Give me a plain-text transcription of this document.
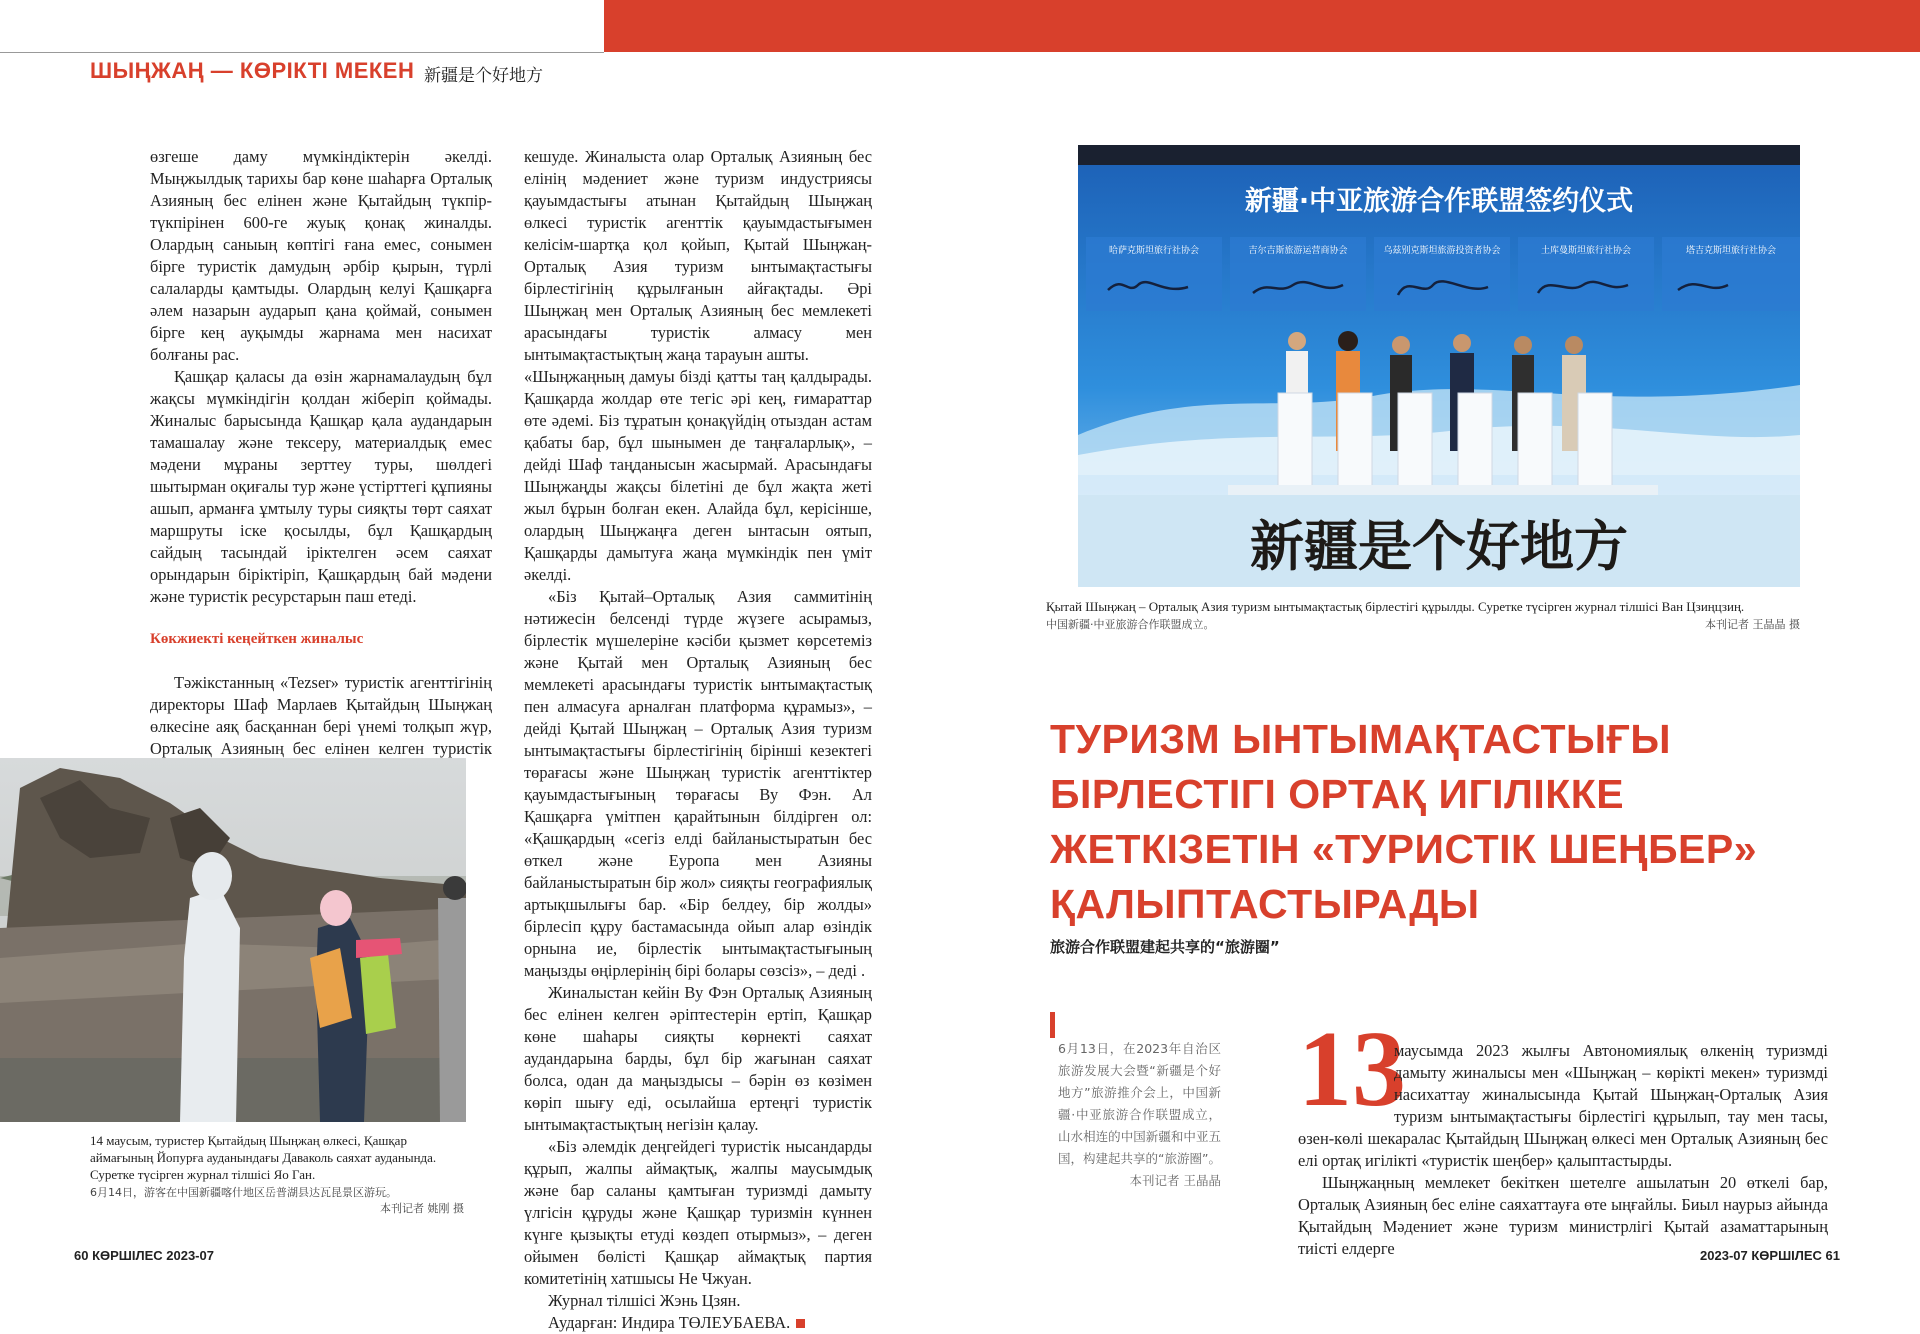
ШЫҢЖАҢ — КӨРІКТІ МЕКЕН 新疆是个好地方

өзгеше даму мүмкіндіктерін әкелді. Мыңжылдық тарихы бар көне шаһарға Орталық Азияның бес елінен және Қытайдың түкпір-түкпірінен 600-ге жуық қонақ жиналды. Олардың саныың көптігі ғана емес, сонымен бірге туристік дамудың әрбір қырын, түрлі салаларды қамтыды. Олардың келуі Қашқарға әлем назарын аударып қана қоймай, сонымен бірге кең ауқымды жарнама мен насихат болғаны рас.

Қашқар қаласы да өзін жарнамалаудың бұл жақсы мүмкіндігін қолдан жіберіп қоймады. Жиналыс барысында Қашқар қала аудандарын тамашалау және тексеру, материалдық емес мәдени мұраны зерттеу туры, шөлдегі шытырман оқиғалы тур және үстірттегі құпияны ашып, арманға ұмтылу туры сияқты төрт саяхат маршруты іске қосылды, бұл Қашқардың сайдың тасындай іріктелген әсем саяхат орындарын біріктіріп, Қашқардың бай мәдени және туристік ресурстарын паш етеді.

Көкжиекті кеңейткен жиналыс

Тәжікстанның «Tezser» туристік агенттігінің директоры Шаф Марлаев Қытайдың Шыңжаң өлкесіне аяқ басқаннан бері үнемі толқып жүр, Орталық Азияның бес елінен келген туристік

кешуде. Жиналыста олар Орталық Азияның бес елінің мәдениет және туризм индустриясы қауымдастығы атынан Қытайдың Шыңжаң өлкесі туристік агенттік қауымдастығымен келісім-шартқа қол қойып, Қытай Шыңжаң-Орталық Азия туризм ынтымақтастығы бірлестігінің құрылғанын айғақтады. Әрі Шыңжаң мен Орталық Азияның бес мемлекеті арасындағы туристік алмасу мен ынтымақтастықтың жаңа тарауын ашты.

«Шыңжаңның дамуы бізді қатты таң қалдырады. Қашқарда жолдар өте тегіс әрі кең, ғимараттар өте әдемі. Біз тұратын қонақүйдің отыздан астам қабаты бар, бұл шынымен де таңғаларлық», – дейді Шаф таңданысын жасырмай. Арасындағы Шыңжаңды жақсы білетіні де бұл жақта жеті жыл бұрын болған екен. Алайда бұл, керісінше, олардың Шыңжаңға деген ынтасын оятып, Қашқарды дамытуға жаңа мүмкіндік пен үміт әкелді.

«Біз Қытай–Орталық Азия саммитінің нәтижесін белсенді түрде жүзеге асырамыз, бірлестік мүшелеріне кәсіби қызмет көрсетеміз және Қытай мен Орталық Азияның бес мемлекеті арасындағы туристік ынтымақтастық пен алмасуға арналған платформа құрамыз», – дейді Қытай Шыңжаң – Орталық Азия туризм ынтымақтастығы бірлестігінің бірінші кезектегі төрағасы және Шыңжаң туристік агенттіктер қауымдастығының төрағасы Ву Фэн. Ал Қашқарға үмітпен қарайтынын білдірген ол: «Қашқардың «сегіз елді байланыстыратын бес өткел және Еуропа мен Азияны байланыстыратын бір жол» сияқты географиялық артықшылығы бар. «Бір белдеу, бір жолды» бірлесіп құру бастамасында ойып алар өзіндік орнына ие, бірлестік ынтымақтастығының маңызды өңірлерінің бірі болары сөзсіз», – деді .

Жиналыстан кейін Ву Фэн Орталық Азияның бес елінен келген әріптестерін ертіп, Қашқар көне шаһары сияқты көрнекті саяхат аудандарына барды, бұл бір жағынан саяхат болса, одан да маңыздысы – бәрін өз көзімен көріп шығу еді, осылайша ертеңгі туристік ынтымақтастықтың негізін қалау.

«Біз әлемдік деңгейдегі туристік нысандарды құрып, жалпы аймақтық, жалпы маусымдық және бар саланы қамтыған туризмді дамыту үлгісін құруды және Қашқар туризмін күннен күнге қызықты етуді көздеп отырмыз», – деген ойымен бөлісті Қашқар аймақтық партия комитетінің хатшысы Не Чжуан.

Журнал тілшісі Жэнь Цзян.

Аударған: Индира ТӨЛЕУБАЕВА.

14 маусым, туристер Қытайдың Шыңжаң өлкесі, Қашқар аймағының Йопурға ауданындағы Даваколь саяхат ауданында. Суретке түсірген журнал тілшісі Яо Ган.
6月14日，游客在中国新疆喀什地区岳普湖县达瓦昆景区游玩。
本刊记者 姚刚 摄
新疆·中亚旅游合作联盟签约仪式
哈萨克斯坦旅行社协会	吉尔吉斯旅游运营商协会	乌兹别克斯坦旅游投资者协会	土库曼斯坦旅行社协会	塔吉克斯坦旅行社协会
新疆是个好地方
Қытай Шыңжаң – Орталық Азия туризм ынтымақтастық бірлестігі құрылды. Суретке түсірген журнал тілшісі Ван Цзиңцзиң.
中国新疆·中亚旅游合作联盟成立。	本刊记者 王晶晶 摄
ТУРИЗМ ЫНТЫМАҚТАСТЫҒЫ БІРЛЕСТІГІ ОРТАҚ ИГІЛІККЕ ЖЕТКІЗЕТІН «ТУРИСТІК ШЕҢБЕР» ҚАЛЫПТАСТЫРАДЫ
旅游合作联盟建起共享的“旅游圈”
6月13日，在2023年自治区旅游发展大会暨“新疆是个好地方”旅游推介会上，中国新疆·中亚旅游合作联盟成立，山水相连的中国新疆和中亚五国，构建起共享的“旅游圈”。
本刊记者 王晶晶
13

маусымда 2023 жылғы Автономиялық өлкенің туризмді дамыту жиналысы мен «Шыңжаң – көрікті мекен» туризмді насихаттау жиналысында Қытай Шыңжаң-Орталық Азия туризм ынтымақтастығы бірлестігі құрылып, тау мен тасы, өзен-көлі шекаралас Қытайдың Шыңжаң өлкесі мен Орталық Азияның бес елі ортақ игілікті «туристік шеңбер» қалыптастырды.

Шыңжаңның мемлекет бекіткен шетелге ашылатын 20 өткелі бар, Орталық Азияның бес еліне саяхаттауға өте ыңғайлы. Биыл наурыз айында Қытайдың Мәдениет және туризм министрлігі Қытай азаматтарының тиісті елдерге

60 КӨРШІЛЕС 2023-07	2023-07 КӨРШІЛЕС 61
